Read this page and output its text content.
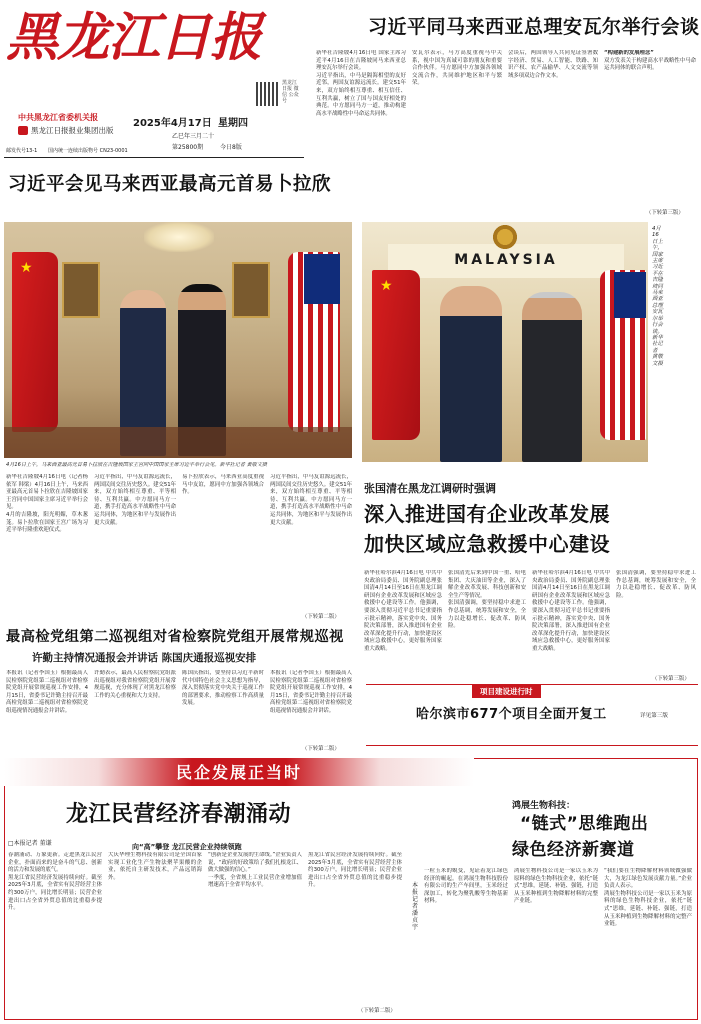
黑龙江日报
黑龙江 日报 微信 公众号
中共黑龙江省委机关报
黑龙江日报报业集团出版
2025年4月17日 星期四
乙巳年三月二十
第25800期	今日8版
邮发代号13-1 国内统一连续出版物号 CN23-0001
习近平同马来西亚总理安瓦尔举行会谈

新华社吉隆坡4月16日电 国家主席习近平4月16日在吉隆坡同马来西亚总理安瓦尔举行会谈。

习近平指出，中马是隔海相望的友好近邻，两国友谊源远流长。建交51年来，双方始终相互尊重、相互信任、互利共赢，树立了国与国友好相处的典范。中方愿同马方一道，推动构建高水平战略性中马命运共同体。

安瓦尔表示，马方高度重视马中关系，视中国为真诚可靠的朋友和重要合作伙伴。马方愿同中方加强各领域交流合作，共同维护地区和平与繁荣。

会谈后，两国领导人共同见证签署数字经济、贸易、人工智能、铁路、知识产权、农产品输华、人文交流等领域多项双边合作文本。

“构建新的发展理念”

双方发表关于构建高水平战略性中马命运共同体的联合声明。

（下转第三版）
习近平会见马来西亚最高元首易卜拉欣
★
4月16日上午，马来西亚最高元首易卜拉欣在吉隆坡国家王宫同中国国家主席习近平举行会见。新华社记者 黄敬文摄

新华社吉隆坡4月16日电（记者杨依军 韩梁）4月16日上午，马来西亚最高元首易卜拉欣在吉隆坡国家王宫同中国国家主席习近平举行会见。

4月的吉隆坡，阳光明媚，草木葱茏。易卜拉欣在国家王宫广场为习近平举行隆重欢迎仪式。

习近平指出，中马友谊源远流长，两国民间交往历史悠久。建交51年来，双方始终相互尊重、平等相待、互利共赢。中方愿同马方一道，携手打造高水平战略性中马命运共同体，为地区和平与发展作出更大贡献。

易卜拉欣表示，马来西亚高度重视马中友谊，愿同中方加强各领域合作。

习近平指出，中马友谊源远流长，两国民间交往历史悠久。建交51年来，双方始终相互尊重、平等相待、互利共赢。中方愿同马方一道，携手打造高水平战略性中马命运共同体，为地区和平与发展作出更大贡献。

（下转第二版）
MALAYSIA
★
4月16日上午，国家主席习近平在吉隆坡同马来西亚总理安瓦尔举行会谈。新华社记者 黄敬文摄
张国清在黑龙江调研时强调
深入推进国有企业改革发展
加快区域应急救援中心建设

新华社哈尔滨4月16日电 中共中央政治局委员、国务院副总理张国清4月14日至16日在黑龙江调研国有企业改革发展和区域应急救援中心建设等工作。他强调，要深入贯彻习近平总书记重要指示批示精神，落实党中央、国务院决策部署，深入推进国有企业改革深化提升行动，加快建设区域应急救援中心，更好服务国家重大战略。

张国清先后来到中国一重、哈电集团、大庆油田等企业，深入了解企业改革发展、科技创新和安全生产等情况。

张国清强调，要坚持稳中求进工作总基调，统筹发展和安全，全力以赴稳增长、促改革、防风险。

新华社哈尔滨4月16日电 中共中央政治局委员、国务院副总理张国清4月14日至16日在黑龙江调研国有企业改革发展和区域应急救援中心建设等工作。他强调，要深入贯彻习近平总书记重要指示批示精神，落实党中央、国务院决策部署，深入推进国有企业改革深化提升行动，加快建设区域应急救援中心，更好服务国家重大战略。

张国清强调，要坚持稳中求进工作总基调，统筹发展和安全，全力以赴稳增长、促改革、防风险。

（下转第三版）
项目建设进行时
哈尔滨市677个项目全面开复工	详见第三版
最高检党组第二巡视组对省检察院党组开展常规巡视
许勤主持情况通报会并讲话 陈国庆通报巡视安排

本报讯（记者李国玉）根据最高人民检察院党组第二巡视组对省检察院党组开展常规巡视工作安排，4月15日，省委书记许勤主持召开最高检党组第二巡视组对省检察院党组巡视情况通报会并讲话。

许勤表示，最高人民检察院党组派出巡视组对我省检察院党组开展常规巡视，充分体现了对黑龙江检察工作的关心重视和大力支持。

陈国庆指出，要坚持以习近平新时代中国特色社会主义思想为指导，深入贯彻落实党中央关于巡视工作的部署要求，推动检察工作高质量发展。

本报讯（记者李国玉）根据最高人民检察院党组第二巡视组对省检察院党组开展常规巡视工作安排，4月15日，省委书记许勤主持召开最高检党组第二巡视组对省检察院党组巡视情况通报会并讲话。

（下转第二版）
民企发展正当时
龙江民营经济春潮涌动
□本报记者 董谦	向“高”攀登 龙江民营企业持续领跑

春潮涌动、万象更新。走进黑龙江民营企业，扑面而来的是奋斗的气息、创新的活力和发展的底气。

黑龙江省民营经济发展持续向好。截至2025年3月底，全省实有民营经营主体约300万户，同比增长明显；民营企业进出口占全省外贸总值的比重稳步提升。

大庆华理生物科技有限公司是全国首家实现工业化生产生物法聚苹果酸的企业，依托自主研发技术，产品远销海外。

“创新是企业发展的生命线。”企业负责人说，“政府的好政策给了我们扎根龙江、做大做强的信心。”

一季度，全省规上工业民营企业增加值增速高于全省平均水平。

黑龙江省民营经济发展持续向好。截至2025年3月底，全省实有民营经营主体约300万户，同比增长明显；民营企业进出口占全省外贸总值的比重稳步提升。

（下转第二版）
鸿展生物科技：
“链式”思维跑出
绿色经济新赛道
本报记者 潘贞宇

一粒玉米的蜕变，见证着龙江绿色经济的崛起。在鸿展生物科技股份有限公司的生产车间里，玉米经过深加工，转化为聚乳酸等生物基新材料。

鸿展生物科技公司是一家以玉米为原料的绿色生物科技企业，依托“链式”思维，延链、补链、强链，打造从玉米种植到生物降解材料的完整产业链。

“我们要在生物降解材料领域做强做大，为龙江绿色发展贡献力量。”企业负责人表示。

鸿展生物科技公司是一家以玉米为原料的绿色生物科技企业，依托“链式”思维，延链、补链、强链，打造从玉米种植到生物降解材料的完整产业链。
